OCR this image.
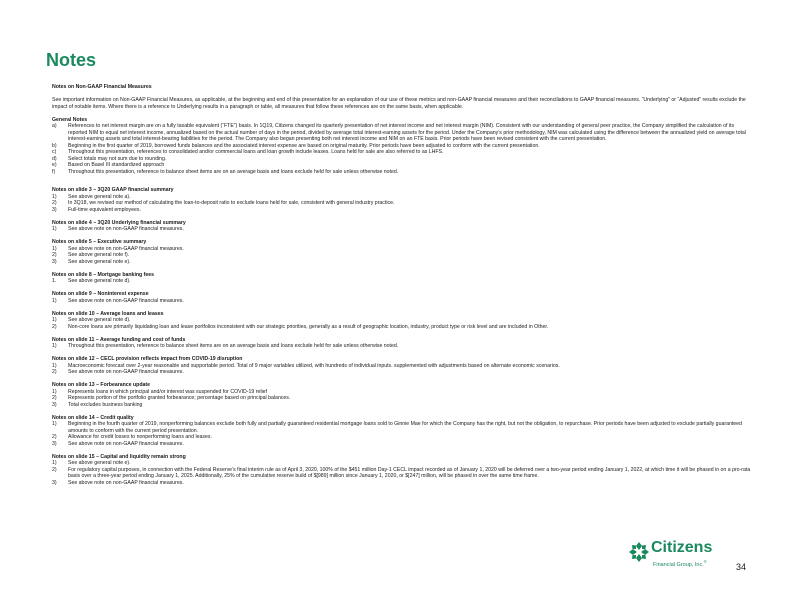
Notes
Notes on Non-GAAP Financial Measures
See important information on Non-GAAP Financial Measures, as applicable, at the beginning and end of this presentation for an explanation of our use of these metrics and non-GAAP financial measures and their reconciliations to GAAP financial measures. “Underlying” or “Adjusted” results exclude the impact of notable items. Where there is a reference to Underlying results in a paragraph or table, all measures that follow these references are on the same basis, when applicable.
General Notes
a)	References to net interest margin are on a fully taxable equivalent (“FTE”) basis. In 1Q19, Citizens changed its quarterly presentation of net interest income and net interest margin (NIM). Consistent with our understanding of general peer practice, the Company simplified the calculation of its reported NIM to equal net interest income, annualized based on the actual number of days in the period, divided by average total interest-earning assets for the period. Under the Company’s prior methodology, NIM was calculated using the difference between the annualized yield on average total interest-earning assets and total interest-bearing liabilities for the period. The Company also began presenting both net interest income and NIM on an FTE basis. Prior periods have been revised consistent with the current presentation.
b)	Beginning in the first quarter of 2019, borrowed funds balances and the associated interest expense are based on original maturity. Prior periods have been adjusted to conform with the current presentation.
c)	Throughout this presentation, references to consolidated and/or commercial loans and loan growth include leases. Loans held for sale are also referred to as LHFS.
d)	Select totals may not sum due to rounding.
e)	Based on Basel III standardized approach
f)	Throughout this presentation, reference to balance sheet items are on an average basis and loans exclude held for sale unless otherwise noted.
Notes on slide 3 – 3Q20 GAAP financial summary
1)	See above general note a).
2)	In 3Q18, we revised our method of calculating the loan-to-deposit ratio to exclude loans held for sale, consistent with general industry practice.
3)	Full-time equivalent employees.
Notes on slide 4 – 3Q20 Underlying financial summary
1)	See above note on non-GAAP financial measures.
Notes on slide 5 – Executive summary
1)	See above note on non-GAAP financial measures.
2)	See above general note f).
3)	See above general note e).
Notes on slide 8 – Mortgage banking fees
1.	See above general note d).
Notes on slide 9 – Noninterest expense
1)	See above note on non-GAAP financial measures.
Notes on slide 10 – Average loans and leases
1)	See above general note d).
2)	Non-core loans are primarily liquidating loan and lease portfolios inconsistent with our strategic priorities, generally as a result of geographic location, industry, product type or risk level and are included in Other.
Notes on slide 11 – Average funding and cost of funds
1)	Throughout this presentation, reference to balance sheet items are on an average basis and loans exclude held for sale unless otherwise noted.
Notes on slide 12 – CECL provision reflects impact from COVID-19 disruption
1)	Macroeconomic forecast over 2-year reasonable and supportable period. Total of 9 major variables utilized, with hundreds of individual inputs. supplemented with adjustments based on alternate economic scenarios.
2)	See above note on non-GAAP financial measures.
Notes on slide 13 – Forbearance update
1)	Represents loans in which principal and/or interest was suspended for COVID-19 relief
2)	Represents portion of the portfolio granted forbearance; percentage based on principal balances.
3)	Total excludes business banking
Notes on slide 14 – Credit quality
1)	Beginning in the fourth quarter of 2019, nonperforming balances exclude both fully and partially guaranteed residential mortgage loans sold to Ginnie Mae for which the Company has the right, but not the obligation, to repurchase. Prior periods have been adjusted to exclude partially guaranteed amounts to conform with the current period presentation.
2)	Allowance for credit losses to nonperforming loans and leases.
3)	See above note on non-GAAP financial measures.
Notes on slide 15 – Capital and liquidity remain strong
1)	See above general note e).
2)	For regulatory capital purposes, in connection with the Federal Reserve’s final interim rule as of April 3, 2020, 100% of the $451 million Day-1 CECL impact recorded as of January 1, 2020 will be deferred over a two-year period ending January 1, 2022, at which time it will be phased in on a pro-rata basis over a three-year period ending January 1, 2025. Additionally, 25% of the cumulative reserve build of $[989] million since January 1, 2020, or $[247] million, will be phased in over the same time frame.
3)	See above note on non-GAAP financial measures.
Citizens
Financial Group, Inc.®
34
